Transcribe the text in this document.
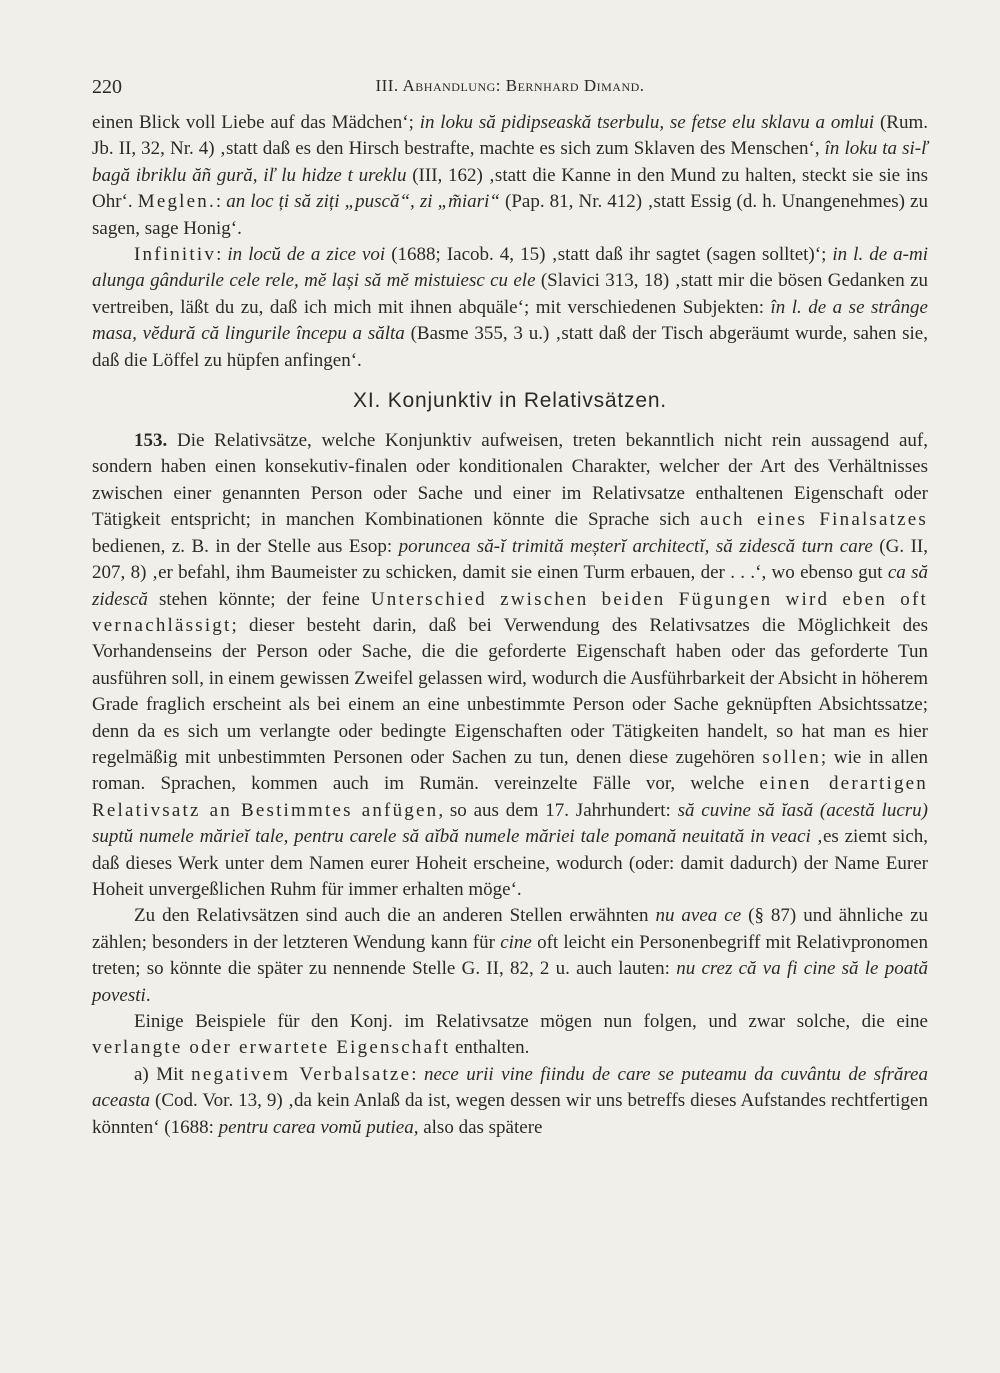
220	III. Abhandlung: Bernhard Dimand.

einen Blick voll Liebe auf das Mädchen‘; in loku să pidipseaskă tserbulu, se fetse elu sklavu a omlui (Rum. Jb. II, 32, Nr. 4) ‚statt daß es den Hirsch bestrafte, machte es sich zum Sklaven des Menschen‘, în loku ta si-ľ bagă ibriklu ăñ gură, iľ lu hidze t ureklu (III, 162) ‚statt die Kanne in den Mund zu halten, steckt sie sie ins Ohr‘. Meglen.: an loc ți să ziți „puscă“, zi „m̃iari“ (Pap. 81, Nr. 412) ‚statt Essig (d. h. Unangenehmes) zu sagen, sage Honig‘.

Infinitiv: in locŭ de a zice voi (1688; Iacob. 4, 15) ‚statt daß ihr sagtet (sagen solltet)‘; in l. de a-mi alunga gândurile cele rele, mĕ lași să mĕ mistuiesc cu ele (Slavici 313, 18) ‚statt mir die bösen Gedanken zu vertreiben, läßt du zu, daß ich mich mit ihnen abquäle‘; mit verschiedenen Subjekten: în l. de a se strânge masa, vĕdură că lingurile începu a sălta (Basme 355, 3 u.) ‚statt daß der Tisch abgeräumt wurde, sahen sie, daß die Löffel zu hüpfen anfingen‘.

XI. Konjunktiv in Relativsätzen.

153. Die Relativsätze, welche Konjunktiv aufweisen, treten bekanntlich nicht rein aussagend auf, sondern haben einen konsekutiv-finalen oder konditionalen Charakter, welcher der Art des Verhältnisses zwischen einer genannten Person oder Sache und einer im Relativsatze enthaltenen Eigenschaft oder Tätigkeit entspricht; in manchen Kombinationen könnte die Sprache sich auch eines Finalsatzes bedienen, z. B. in der Stelle aus Esop: poruncea să-ĭ trimită meșterĭ architectĭ, să zidescă turn care (G. II, 207, 8) ‚er befahl, ihm Baumeister zu schicken, damit sie einen Turm erbauen, der . . .‘, wo ebenso gut ca să zidescă stehen könnte; der feine Unterschied zwischen beiden Fügungen wird eben oft vernachlässigt; dieser besteht darin, daß bei Verwendung des Relativsatzes die Möglichkeit des Vorhandenseins der Person oder Sache, die die geforderte Eigenschaft haben oder das geforderte Tun ausführen soll, in einem gewissen Zweifel gelassen wird, wodurch die Ausführbarkeit der Absicht in höherem Grade fraglich erscheint als bei einem an eine unbestimmte Person oder Sache geknüpften Absichtssatze; denn da es sich um verlangte oder bedingte Eigenschaften oder Tätigkeiten handelt, so hat man es hier regelmäßig mit unbestimmten Personen oder Sachen zu tun, denen diese zugehören sollen; wie in allen roman. Sprachen, kommen auch im Rumän. vereinzelte Fälle vor, welche einen derartigen Relativsatz an Bestimmtes anfügen, so aus dem 17. Jahrhundert: să cuvine să ĭasă (acestă lucru) suptŭ numele măriеĭ tale, pentru carele să aĭbă numele măriei tale pomană neuitată in veaci ‚es ziemt sich, daß dieses Werk unter dem Namen eurer Hoheit erscheine, wodurch (oder: damit dadurch) der Name Eurer Hoheit unvergeßlichen Ruhm für immer erhalten möge‘.

Zu den Relativsätzen sind auch die an anderen Stellen erwähnten nu avea ce (§ 87) und ähnliche zu zählen; besonders in der letzteren Wendung kann für cine oft leicht ein Personenbegriff mit Relativpronomen treten; so könnte die später zu nennende Stelle G. II, 82, 2 u. auch lauten: nu crez că va fi cine să le poată povesti.

Einige Beispiele für den Konj. im Relativsatze mögen nun folgen, und zwar solche, die eine verlangte oder erwartete Eigenschaft enthalten.

a) Mit negativem Verbalsatze: nece urii vine fiindu de care se puteamu da cuvântu de sfrărea aceasta (Cod. Vor. 13, 9) ‚da kein Anlaß da ist, wegen dessen wir uns betreffs dieses Aufstandes rechtfertigen könnten‘ (1688: pentru carea vomŭ putiea, also das spätere
